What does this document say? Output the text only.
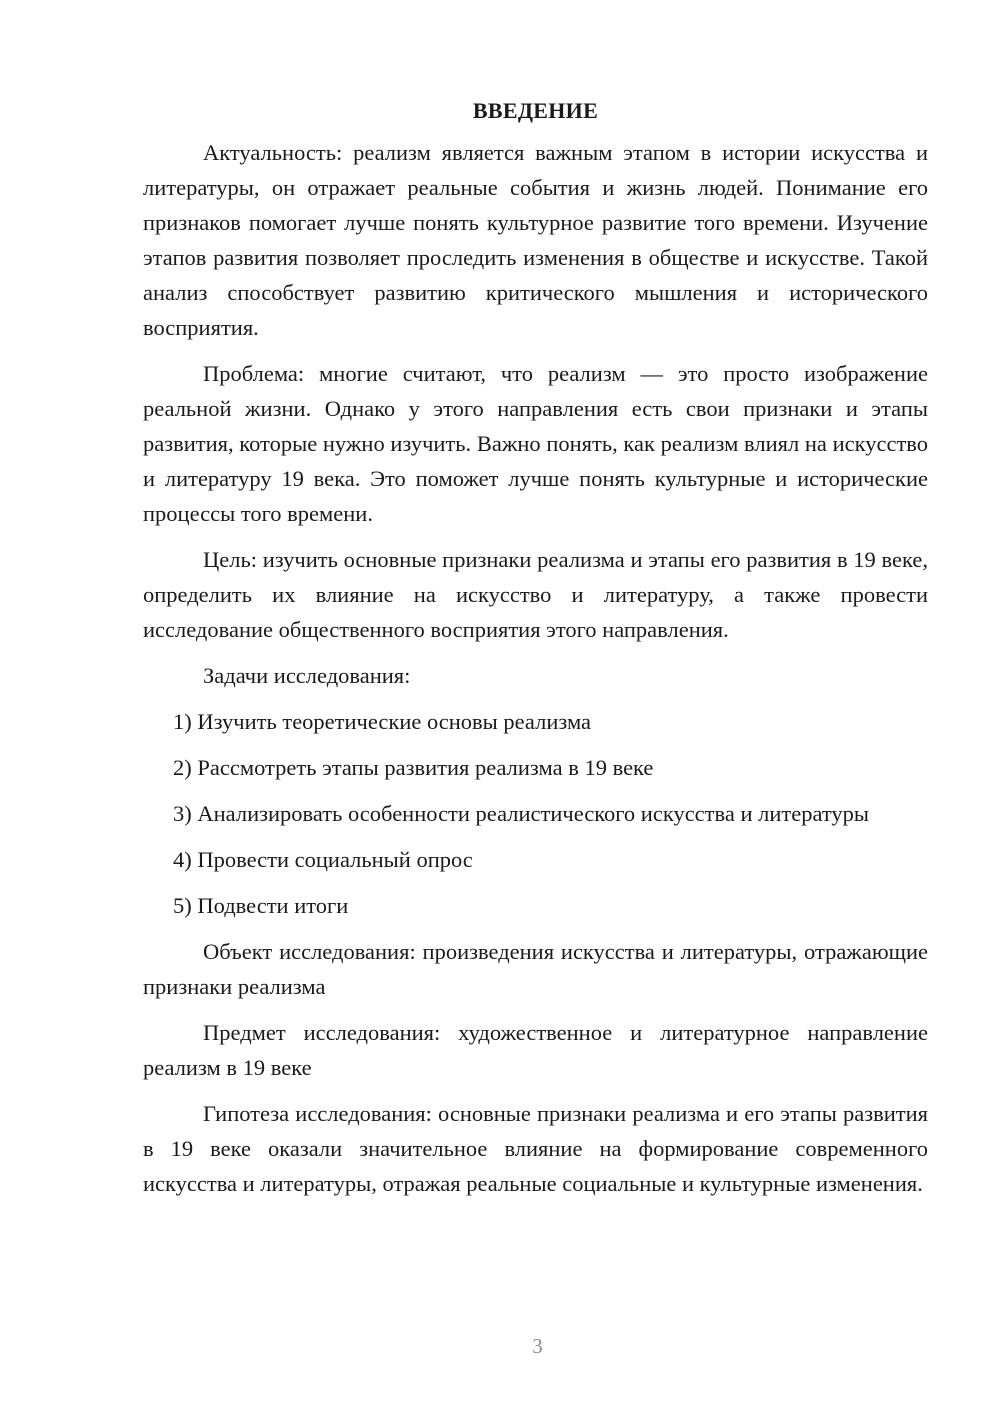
ВВЕДЕНИЕ

Актуальность: реализм является важным этапом в истории искусства и литературы, он отражает реальные события и жизнь людей. Понимание его признаков помогает лучше понять культурное развитие того времени. Изучение этапов развития позволяет проследить изменения в обществе и искусстве. Такой анализ способствует развитию критического мышления и исторического восприятия.

Проблема: многие считают, что реализм — это просто изображение реальной жизни. Однако у этого направления есть свои признаки и этапы развития, которые нужно изучить. Важно понять, как реализм влиял на искусство и литературу 19 века. Это поможет лучше понять культурные и исторические процессы того времени.

Цель: изучить основные признаки реализма и этапы его развития в 19 веке, определить их влияние на искусство и литературу, а также провести исследование общественного восприятия этого направления.

Задачи исследования:

1) Изучить теоретические основы реализма

2) Рассмотреть этапы развития реализма в 19 веке

3) Анализировать особенности реалистического искусства и литературы

4) Провести социальный опрос

5) Подвести итоги

Объект исследования: произведения искусства и литературы, отражающие признаки реализма

Предмет исследования: художественное и литературное направление реализм в 19 веке

Гипотеза исследования: основные признаки реализма и его этапы развития в 19 веке оказали значительное влияние на формирование современного искусства и литературы, отражая реальные социальные и культурные изменения.

3
